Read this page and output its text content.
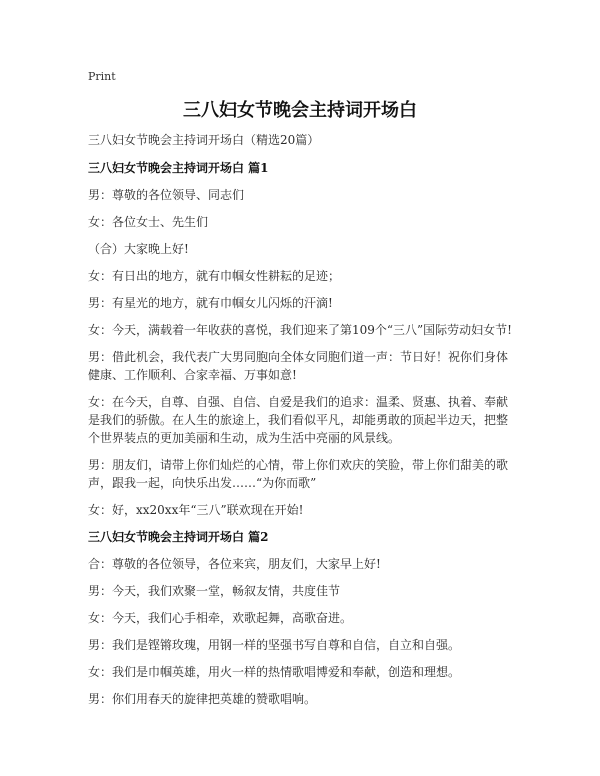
Print
三八妇女节晚会主持词开场白
三八妇女节晚会主持词开场白（精选20篇）
三八妇女节晚会主持词开场白 篇1
男：尊敬的各位领导、同志们
女：各位女士、先生们
（合）大家晚上好!
女：有日出的地方，就有巾帼女性耕耘的足迹；
男：有星光的地方，就有巾帼女儿闪烁的汗滴!
女：今天，满载着一年收获的喜悦，我们迎来了第109个“三八”国际劳动妇女节!
男：借此机会，我代表广大男同胞向全体女同胞们道一声：节日好！祝你们身体健康、工作顺利、合家幸福、万事如意!
女：在今天，自尊、自强、自信、自爱是我们的追求：温柔、贤惠、执着、奉献是我们的骄傲。在人生的旅途上，我们看似平凡，却能勇敢的顶起半边天，把整个世界装点的更加美丽和生动，成为生活中亮丽的风景线。
男：朋友们，请带上你们灿烂的心情，带上你们欢庆的笑脸，带上你们甜美的歌声，跟我一起，向快乐出发……“为你而歌”
女：好，xx20xx年“三八”联欢现在开始!
三八妇女节晚会主持词开场白 篇2
合：尊敬的各位领导，各位来宾，朋友们，大家早上好!
男：今天，我们欢聚一堂，畅叙友情，共度佳节
女：今天，我们心手相牵，欢歌起舞，高歌奋进。
男：我们是铿锵玫瑰，用钢一样的坚强书写自尊和自信，自立和自强。
女：我们是巾帼英雄，用火一样的热情歌唱博爱和奉献，创造和理想。
男：你们用春天的旋律把英雄的赞歌唱响。
